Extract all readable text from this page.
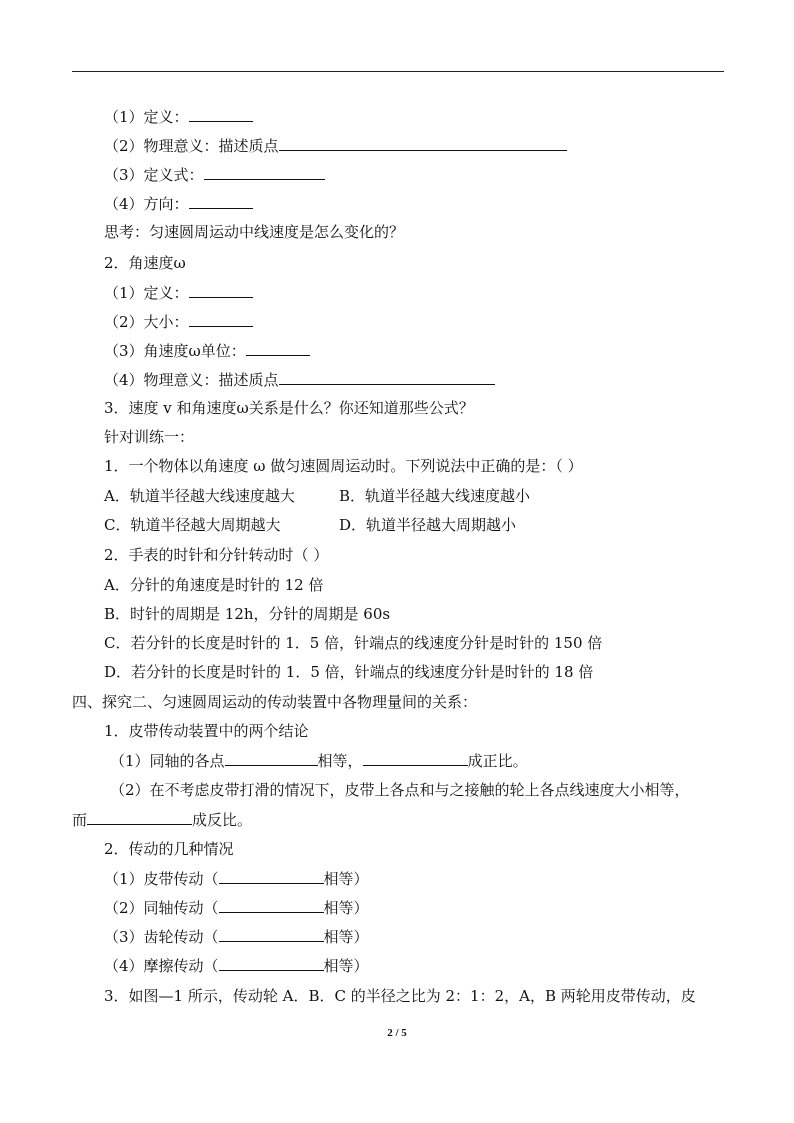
（1）定义：
（2）物理意义：描述质点
（3）定义式：
（4）方向：
思考：匀速圆周运动中线速度是怎么变化的？
2．角速度ω
（1）定义：
（2）大小：
（3）角速度ω单位：
（4）物理意义：描述质点
3．速度 v 和角速度ω关系是什么？你还知道那些公式？
针对训练一：
1．一个物体以角速度 ω 做匀速圆周运动时。下列说法中正确的是：（ ）
A．轨道半径越大线速度越大	B．轨道半径越大线速度越小
C．轨道半径越大周期越大	D．轨道半径越大周期越小
2．手表的时针和分针转动时（ ）
A．分针的角速度是时针的 12 倍
B．时针的周期是 12h，分针的周期是 60s
C．若分针的长度是时针的 1．5 倍，针端点的线速度分针是时针的 150 倍
D．若分针的长度是时针的 1．5 倍，针端点的线速度分针是时针的 18 倍
四、探究二、匀速圆周运动的传动装置中各物理量间的关系：
1．皮带传动装置中的两个结论
（1）同轴的各点	相等，	成正比。
（2）在不考虑皮带打滑的情况下，皮带上各点和与之接触的轮上各点线速度大小相等，
而	成反比。
2．传动的几种情况
（1）皮带传动（	相等）
（2）同轴传动（	相等）
（3）齿轮传动（	相等）
（4）摩擦传动（	相等）
3．如图—1 所示，传动轮 A．B．C 的半径之比为 2：1：2，A，B 两轮用皮带传动，皮
2 / 5
